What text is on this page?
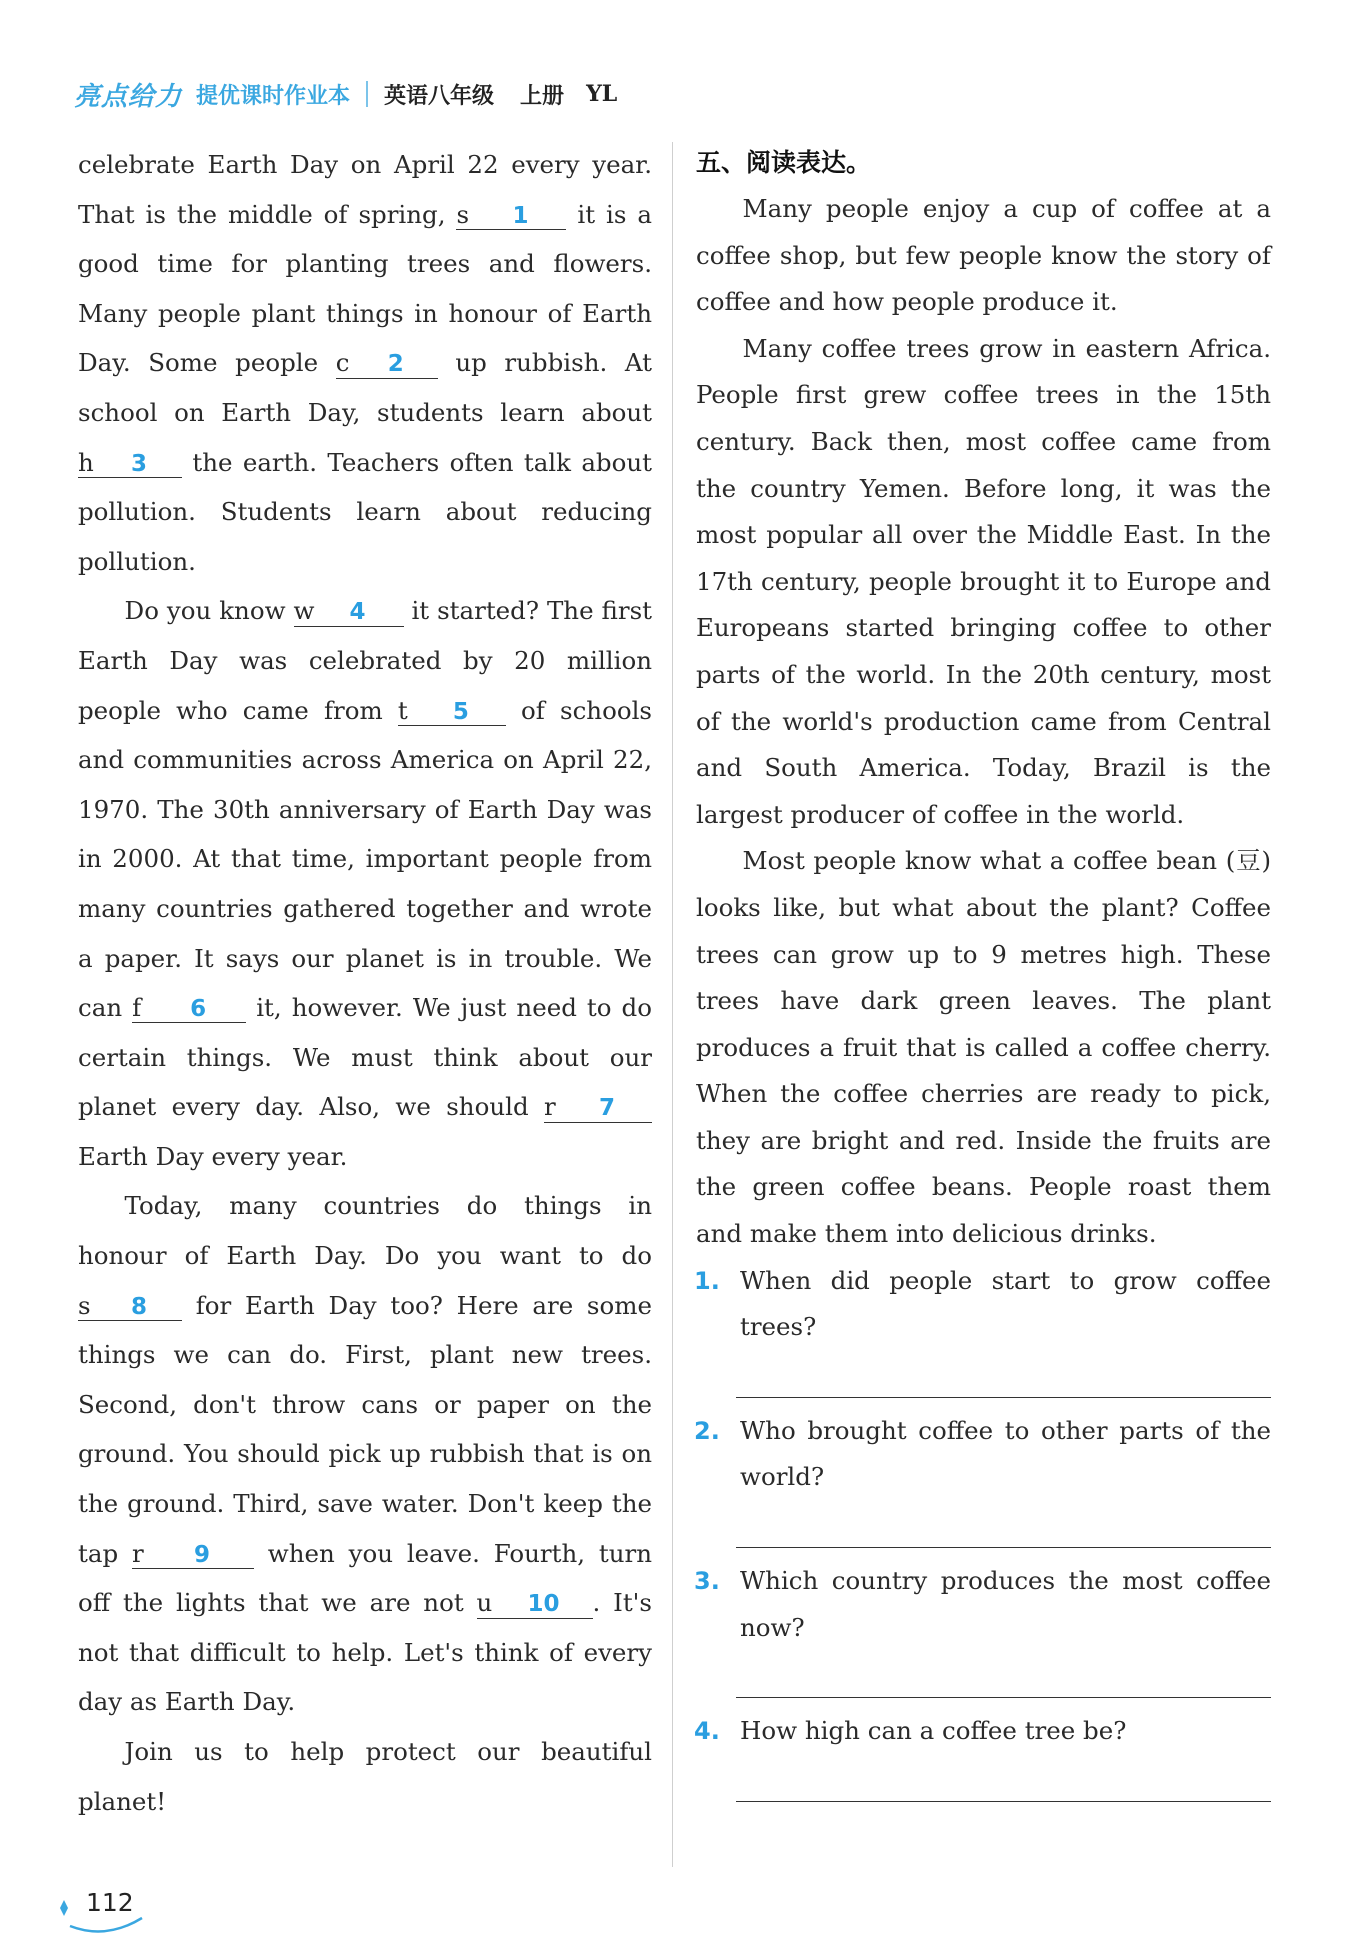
亮点给力 提优课时作业本 英语八年级 上册 YL

celebrate Earth Day on April 22 every year. That is the middle of spring, s 1 it is a good time for planting trees and flowers. Many people plant things in honour of Earth Day. Some people c 2 up rubbish. At school on Earth Day, students learn about h 3 the earth. Teachers often talk about pollution. Students learn about reducing pollution.

Do you know w 4 it started? The first Earth Day was celebrated by 20 million people who came from t 5 of schools and communities across America on April 22, 1970. The 30th anniversary of Earth Day was in 2000. At that time, important people from many countries gathered together and wrote a paper. It says our planet is in trouble. We can f 6 it, however. We just need to do certain things. We must think about our planet every day. Also, we should r 7 Earth Day every year.

Today, many countries do things in honour of Earth Day. Do you want to do s 8 for Earth Day too? Here are some things we can do. First, plant new trees. Second, don't throw cans or paper on the ground. You should pick up rubbish that is on the ground. Third, save water. Don't keep the tap r 9 when you leave. Fourth, turn off the lights that we are not u 10 . It's not that difficult to help. Let's think of every day as Earth Day.

Join us to help protect our beautiful planet!

五、阅读表达。

Many people enjoy a cup of coffee at a coffee shop, but few people know the story of coffee and how people produce it.

Many coffee trees grow in eastern Africa. People first grew coffee trees in the 15th century. Back then, most coffee came from the country Yemen. Before long, it was the most popular all over the Middle East. In the 17th century, people brought it to Europe and Europeans started bringing coffee to other parts of the world. In the 20th century, most of the world's production came from Central and South America. Today, Brazil is the largest producer of coffee in the world.

Most people know what a coffee bean (豆) looks like, but what about the plant? Coffee trees can grow up to 9 metres high. These trees have dark green leaves. The plant produces a fruit that is called a coffee cherry. When the coffee cherries are ready to pick, they are bright and red. Inside the fruits are the green coffee beans. People roast them and make them into delicious drinks.

1. When did people start to grow coffee trees?
2. Who brought coffee to other parts of the world?
3. Which country produces the most coffee now?
4. How high can a coffee tree be?
112
